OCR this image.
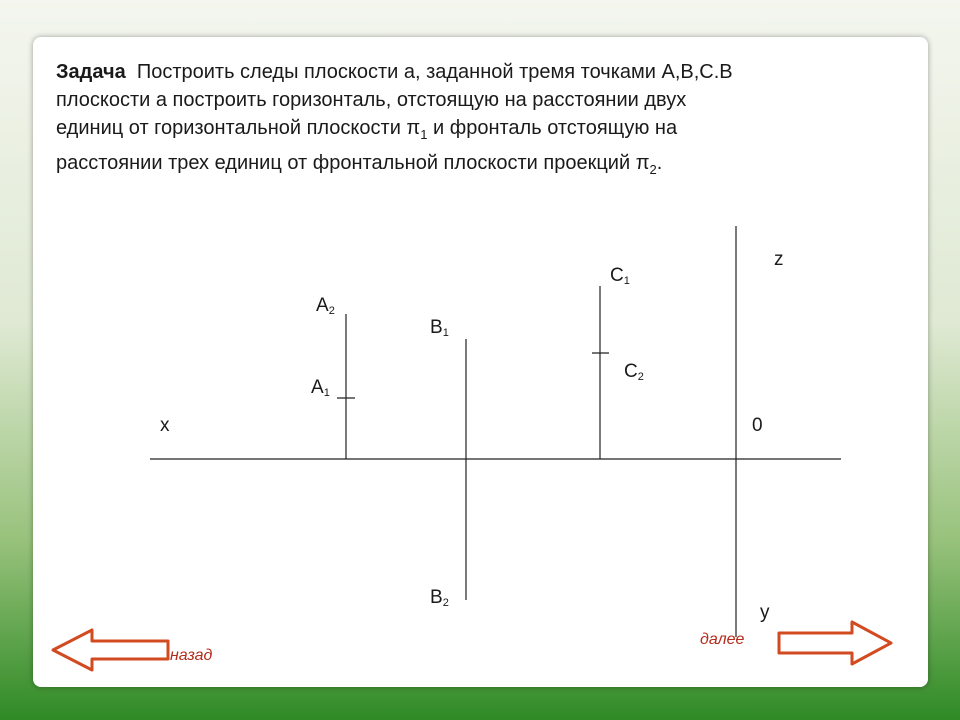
Задача Построить следы плоскости а, заданной тремя точками А,В,С.В
плоскости а построить горизонталь, отстоящую на расстоянии двух
единиц от горизонтальной плоскости $\pi_1$ и фронталь отстоящую на
расстоянии трех единиц от фронтальной плоскости проекций $\pi_2$.
x	0
z
y
$A_2$
$A_1$
$B_1$
$B_2$
$C_1$
$C_2$
назад
далее
Shared
